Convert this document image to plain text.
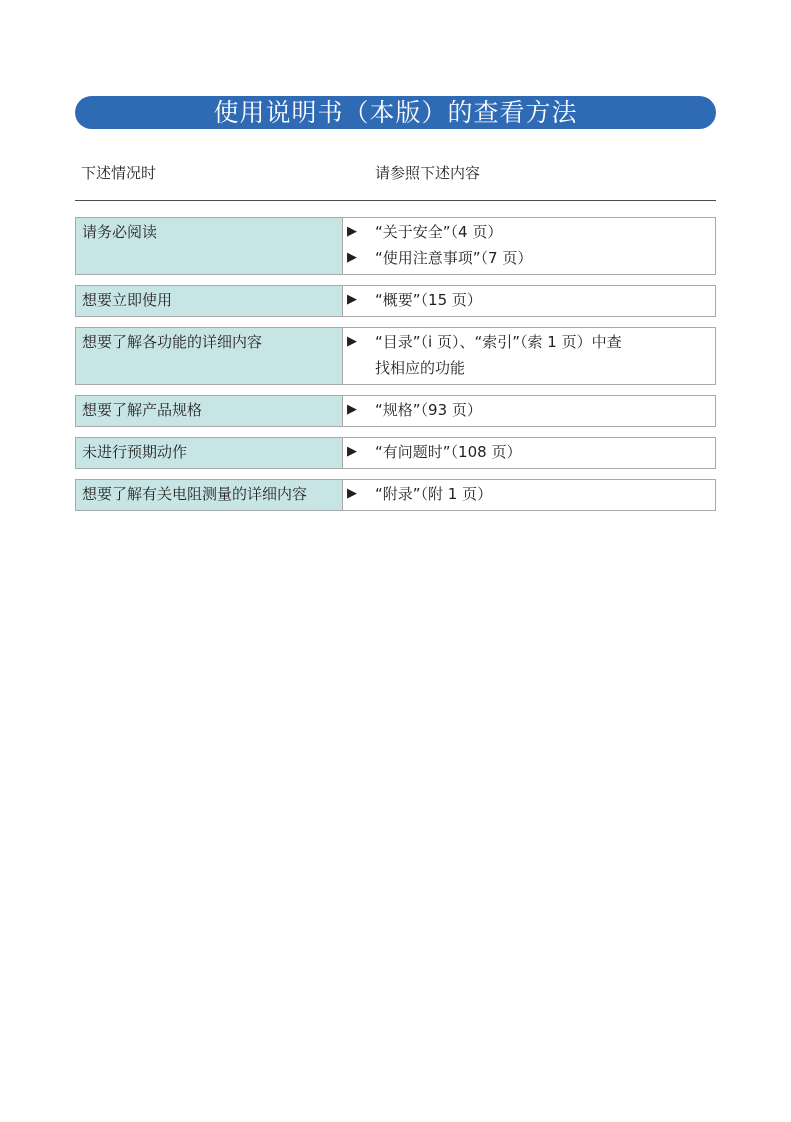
使用说明书（本版）的查看方法
下述情况时	请参照下述内容
请务必阅读	▶	“关于安全”（4 页）
▶	“使用注意事项”（7 页）
想要立即使用	▶	“概要”（15 页）
想要了解各功能的详细内容	▶	“目录”（i 页）、“索引”（索 1 页）中查
找相应的功能
想要了解产品规格	▶	“规格”（93 页）
未进行预期动作	▶	“有问题时”（108 页）
想要了解有关电阻测量的详细内容	▶	“附录”（附 1 页）
